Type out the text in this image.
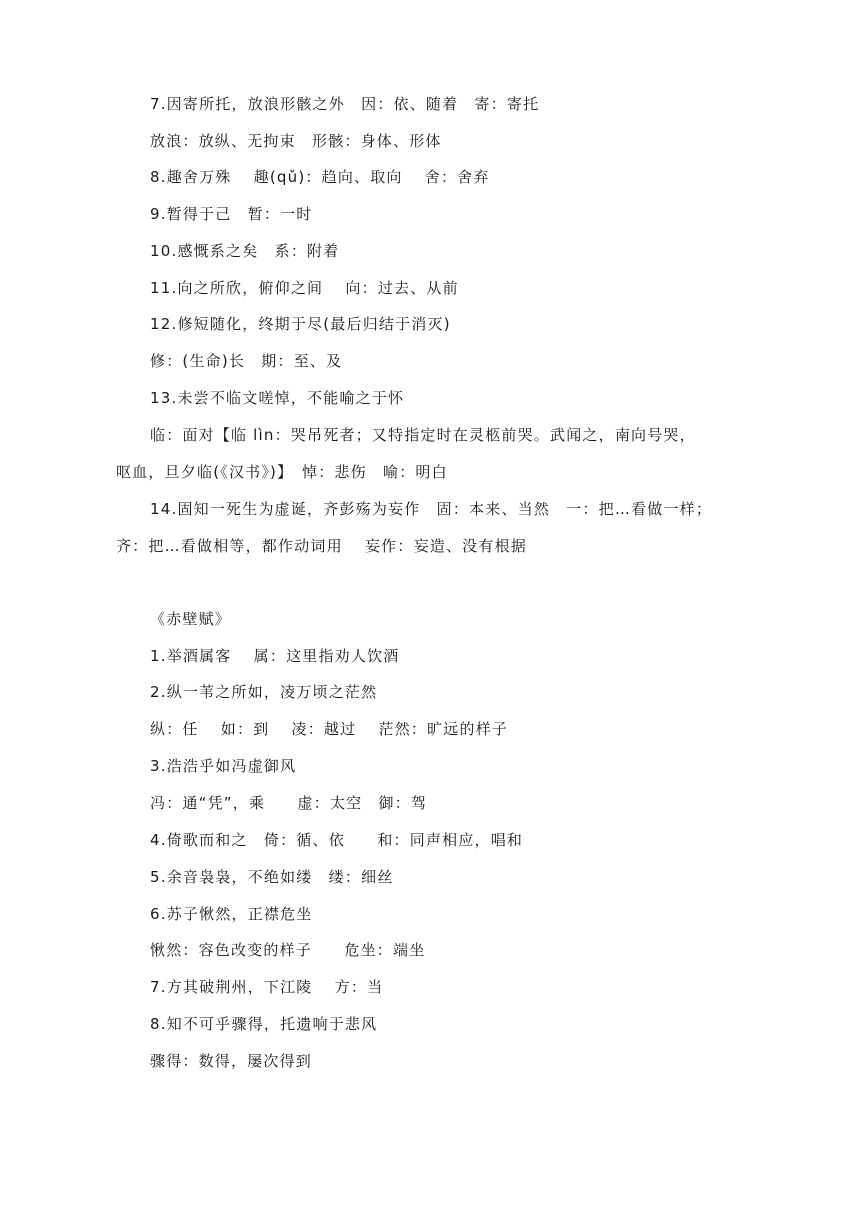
7.因寄所托，放浪形骸之外　因：依、随着　寄：寄托
放浪：放纵、无拘束　形骸：身体、形体
8.趣舍万殊　 趣(qǔ)：趋向、取向　 舍：舍弃
9.暂得于己　暂：一时
10.感慨系之矣　系：附着
11.向之所欣，俯仰之间　 向：过去、从前
12.修短随化，终期于尽(最后归结于消灭)
修：(生命)长　期：至、及
13.未尝不临文嗟悼，不能喻之于怀
临：面对【临 lìn：哭吊死者；又特指定时在灵柩前哭。武闻之，南向号哭，
呕血，旦夕临(《汉书》)】　悼：悲伤　喻：明白
14.固知一死生为虚诞，齐彭殇为妄作　固：本来、当然　一：把…看做一样；
齐：把…看做相等，都作动词用　 妄作：妄造、没有根据
《赤壁赋》
1.举酒属客　 属：这里指劝人饮酒
2.纵一苇之所如，凌万顷之茫然
纵：任　 如：到　 凌：越过　 茫然：旷远的样子
3.浩浩乎如冯虚御风
冯：通“凭”，乘　　虚：太空　御：驾
4.倚歌而和之　倚：循、依　　和：同声相应，唱和
5.余音袅袅，不绝如缕　缕：细丝
6.苏子愀然，正襟危坐
愀然：容色改变的样子　　危坐：端坐
7.方其破荆州，下江陵　 方：当
8.知不可乎骤得，托遗响于悲风
骤得：数得，屡次得到
